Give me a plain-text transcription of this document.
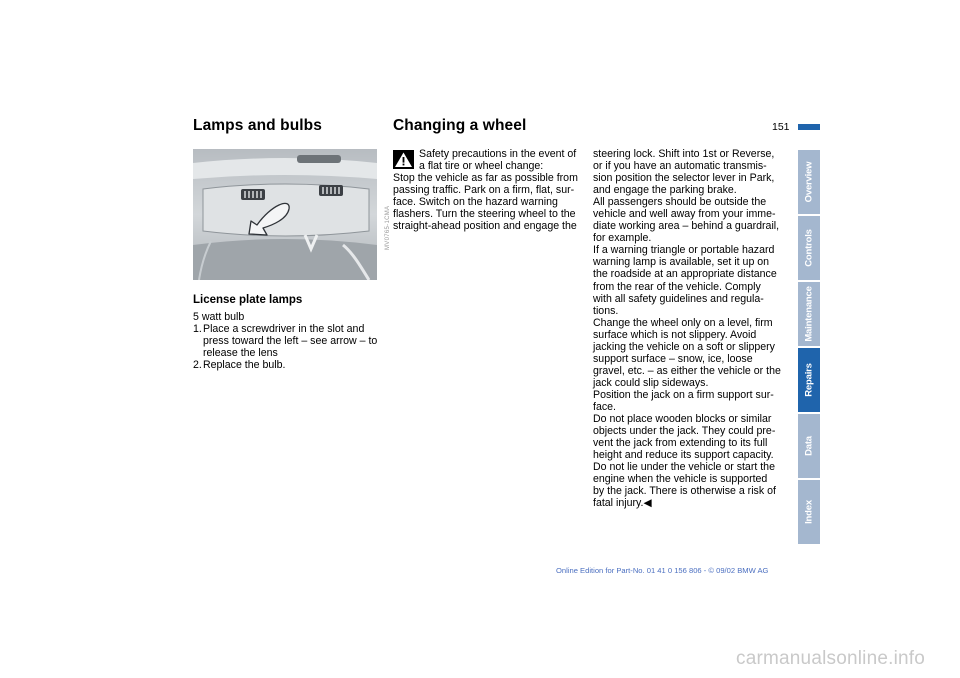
151
Lamps and bulbs
MV0765-1CMA
License plate lamps

5 watt bulb

1. Place a screwdriver in the slot and
press toward the left – see arrow – to
release the lens
2. Replace the bulb.
Changing a wheel

Safety precautions in the event of

a flat tire or wheel change:

Stop the vehicle as far as possible from

passing traffic. Park on a firm, flat, sur-

face. Switch on the hazard warning

flashers. Turn the steering wheel to the

straight-ahead position and engage the

steering lock. Shift into 1st or Reverse,

or if you have an automatic transmis-

sion position the selector lever in Park,

and engage the parking brake.

All passengers should be outside the

vehicle and well away from your imme-

diate working area – behind a guardrail,

for example.

If a warning triangle or portable hazard

warning lamp is available, set it up on

the roadside at an appropriate distance

from the rear of the vehicle. Comply

with all safety guidelines and regula-

tions.

Change the wheel only on a level, firm

surface which is not slippery. Avoid

jacking the vehicle on a soft or slippery

support surface – snow, ice, loose

gravel, etc. – as either the vehicle or the

jack could slip sideways.

Position the jack on a firm support sur-

face.

Do not place wooden blocks or similar

objects under the jack. They could pre-

vent the jack from extending to its full

height and reduce its support capacity.

Do not lie under the vehicle or start the

engine when the vehicle is supported

by the jack. There is otherwise a risk of

fatal injury.◀

Overview
Controls
Maintenance
Repairs
Data
Index
Online Edition for Part-No. 01 41 0 156 806 - © 09/02 BMW AG
carmanualsonline.info
